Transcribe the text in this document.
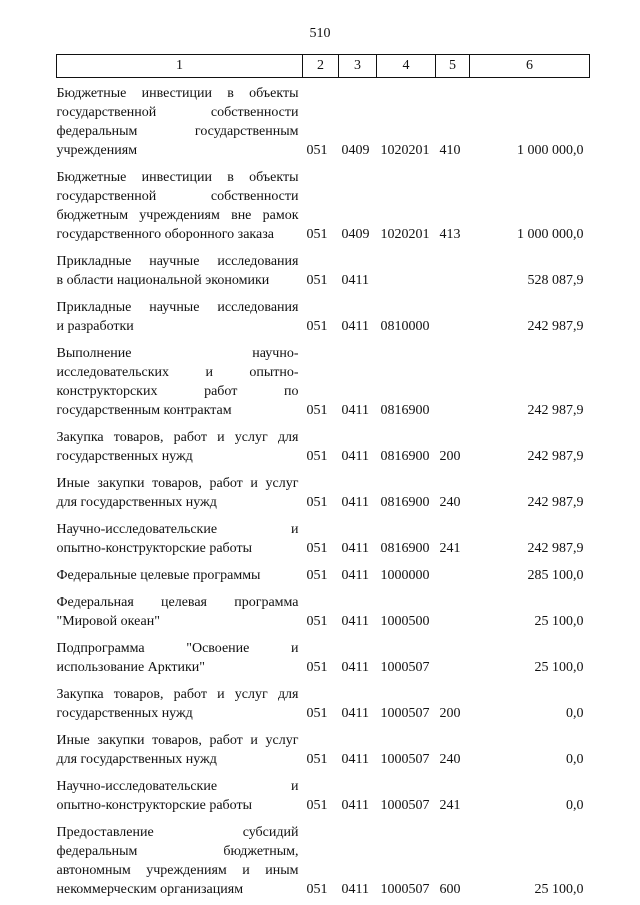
510
1	2	3	4	5	6

Бюджетные инвестиции в объекты
государственной собственности
федеральным государственным
учреждениям	051	0409	1020201	410	1 000 000,0

Бюджетные инвестиции в объекты
государственной собственности
бюджетным учреждениям вне рамок
государственного оборонного заказа	051	0409	1020201	413	1 000 000,0

Прикладные научные исследования
в области национальной экономики	051	0411			528 087,9

Прикладные научные исследования
и разработки	051	0411	0810000		242 987,9

Выполнение научно-
исследовательских и опытно-
конструкторских работ по
государственным контрактам	051	0411	0816900		242 987,9

Закупка товаров, работ и услуг для
государственных нужд	051	0411	0816900	200	242 987,9

Иные закупки товаров, работ и услуг
для государственных нужд	051	0411	0816900	240	242 987,9

Научно-исследовательские и
опытно-конструкторские работы	051	0411	0816900	241	242 987,9

Федеральные целевые программы	051	0411	1000000		285 100,0

Федеральная целевая программа
"Мировой океан"	051	0411	1000500		25 100,0

Подпрограмма "Освоение и
использование Арктики"	051	0411	1000507		25 100,0

Закупка товаров, работ и услуг для
государственных нужд	051	0411	1000507	200	0,0

Иные закупки товаров, работ и услуг
для государственных нужд	051	0411	1000507	240	0,0

Научно-исследовательские и
опытно-конструкторские работы	051	0411	1000507	241	0,0

Предоставление субсидий
федеральным бюджетным,
автономным учреждениям и иным
некоммерческим организациям	051	0411	1000507	600	25 100,0
